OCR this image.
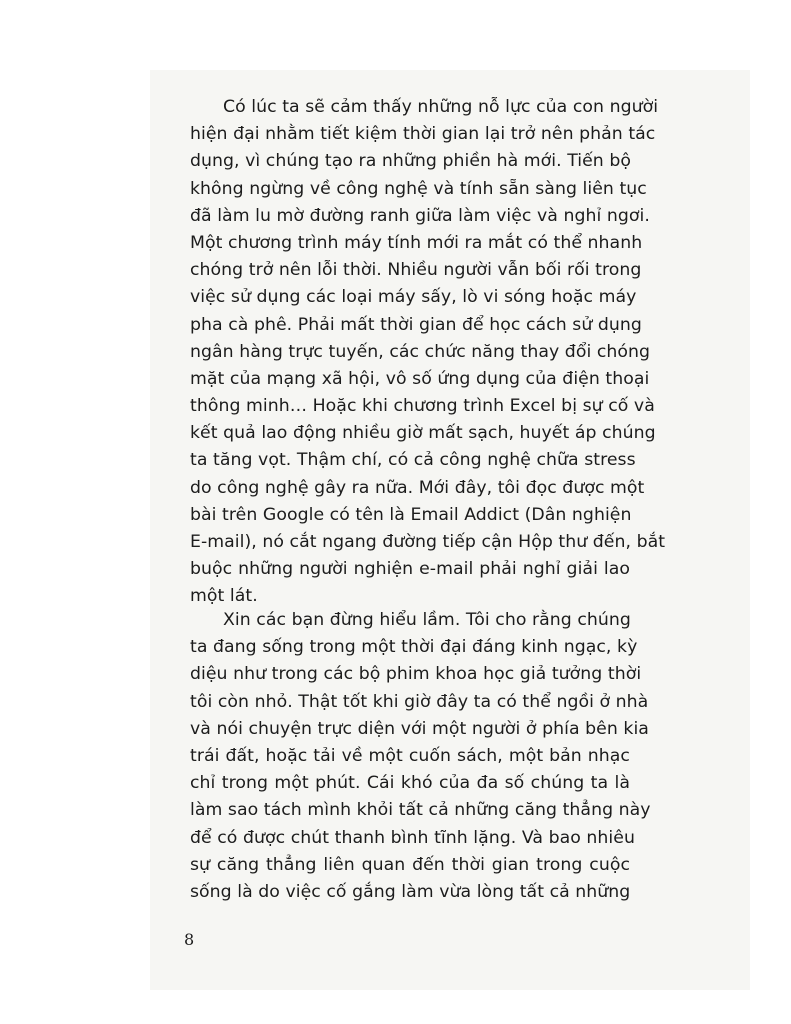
Có lúc ta sẽ cảm thấy những nỗ lực của con người
hiện đại nhằm tiết kiệm thời gian lại trở nên phản tác
dụng, vì chúng tạo ra những phiền hà mới. Tiến bộ
không ngừng về công nghệ và tính sẵn sàng liên tục
đã làm lu mờ đường ranh giữa làm việc và nghỉ ngơi.
Một chương trình máy tính mới ra mắt có thể nhanh
chóng trở nên lỗi thời. Nhiều người vẫn bối rối trong
việc sử dụng các loại máy sấy, lò vi sóng hoặc máy
pha cà phê. Phải mất thời gian để học cách sử dụng
ngân hàng trực tuyến, các chức năng thay đổi chóng
mặt của mạng xã hội, vô số ứng dụng của điện thoại
thông minh… Hoặc khi chương trình Excel bị sự cố và
kết quả lao động nhiều giờ mất sạch, huyết áp chúng
ta tăng vọt. Thậm chí, có cả công nghệ chữa stress
do công nghệ gây ra nữa. Mới đây, tôi đọc được một
bài trên Google có tên là Email Addict (Dân nghiện
E-mail), nó cắt ngang đường tiếp cận Hộp thư đến, bắt
buộc những người nghiện e-mail phải nghỉ giải lao
một lát.
Xin các bạn đừng hiểu lầm. Tôi cho rằng chúng
ta đang sống trong một thời đại đáng kinh ngạc, kỳ
diệu như trong các bộ phim khoa học giả tưởng thời
tôi còn nhỏ. Thật tốt khi giờ đây ta có thể ngồi ở nhà
và nói chuyện trực diện với một người ở phía bên kia
trái đất, hoặc tải về một cuốn sách, một bản nhạc
chỉ trong một phút. Cái khó của đa số chúng ta là
làm sao tách mình khỏi tất cả những căng thẳng này
để có được chút thanh bình tĩnh lặng. Và bao nhiêu
sự căng thẳng liên quan đến thời gian trong cuộc
sống là do việc cố gắng làm vừa lòng tất cả những
8
